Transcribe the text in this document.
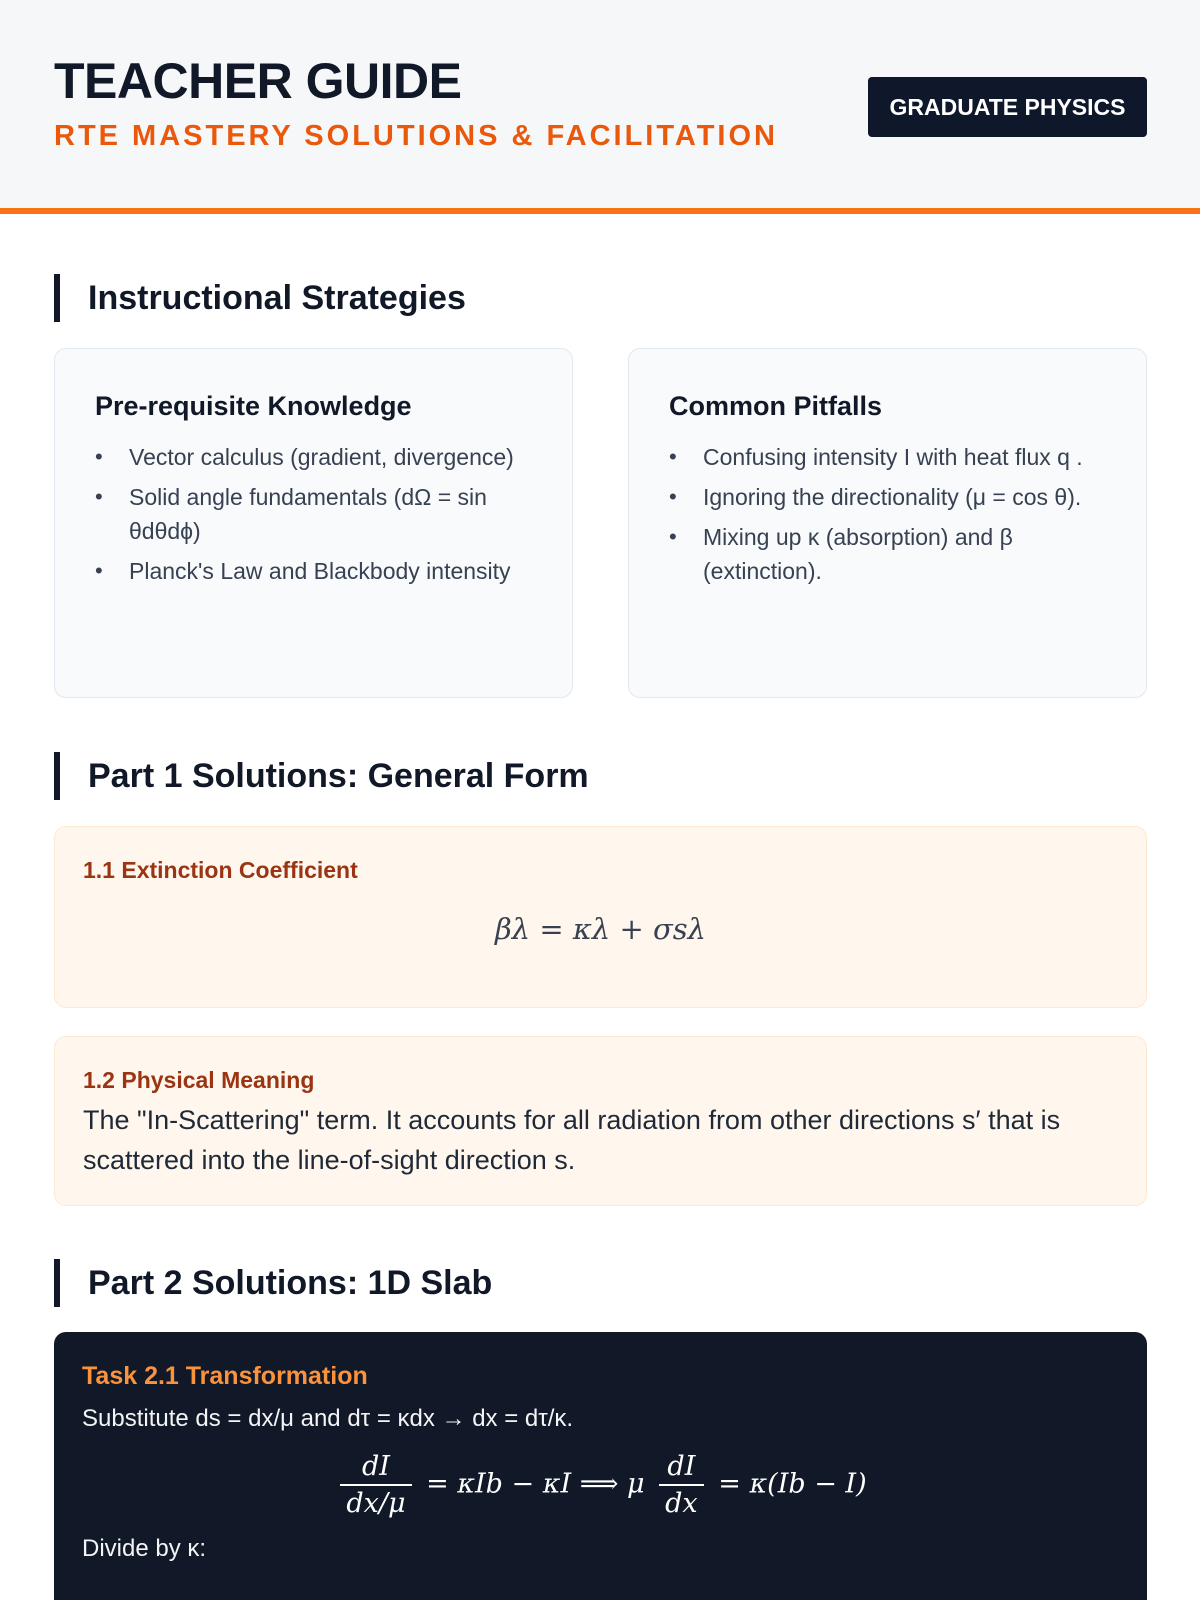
TEACHER GUIDE
RTE MASTERY SOLUTIONS & FACILITATION
GRADUATE PHYSICS
Instructional Strategies
Pre-requisite Knowledge
• Vector calculus (gradient, divergence)
• Solid angle fundamentals (dΩ = sin θdθdϕ)
• Planck's Law and Blackbody intensity
Common Pitfalls
• Confusing intensity I with heat flux q .
• Ignoring the directionality (μ = cos θ).
• Mixing up κ (absorption) and β (extinction).
Part 1 Solutions: General Form
1.1 Extinction Coefficient
βλ = κλ + σsλ
1.2 Physical Meaning
The "In-Scattering" term. It accounts for all radiation from other directions s′ that is scattered into the line-of-sight direction s.
Part 2 Solutions: 1D Slab
Task 2.1 Transformation
Substitute ds = dx/μ and dτ = κdx → dx = dτ/κ.
$\frac{dI}{dx/\mu} = \kappa Ib - \kappa I$ ⟹ μ $\frac{dI}{dx} = \kappa(Ib - I)$
Divide by κ:
